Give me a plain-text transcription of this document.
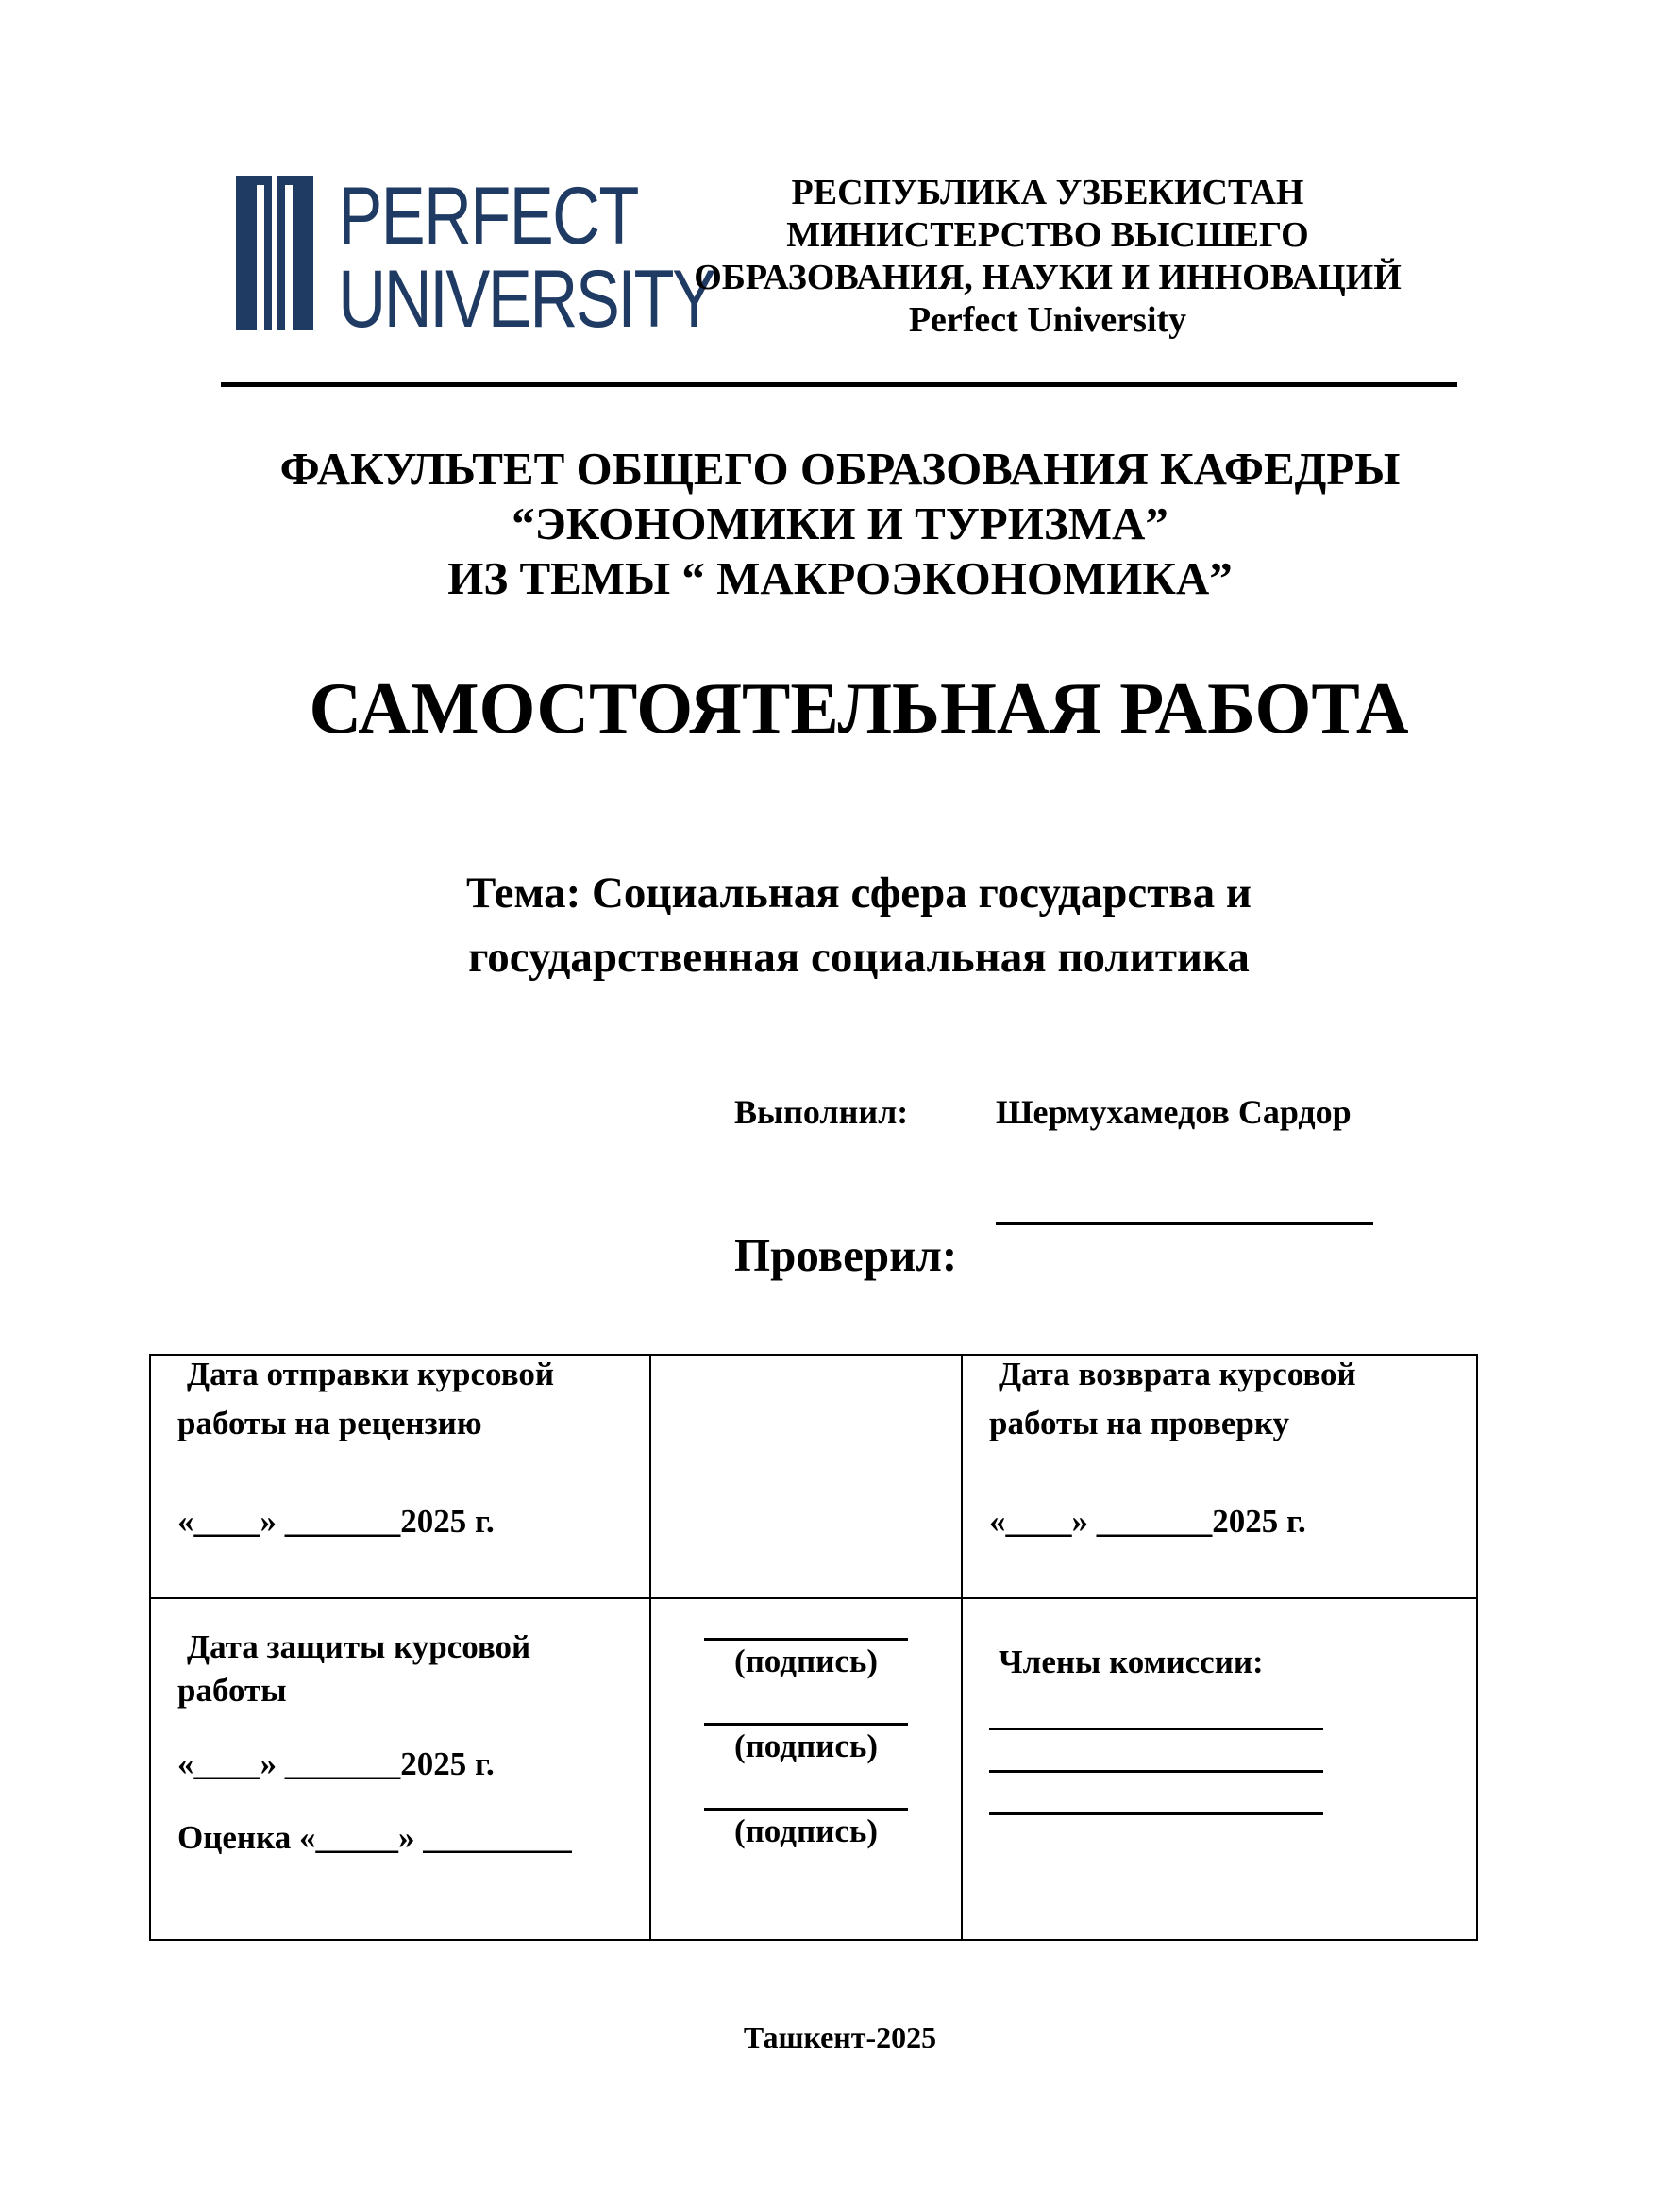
PERFECT
UNIVERSITY
РЕСПУБЛИКА УЗБЕКИСТАН
МИНИСТЕРСТВО ВЫСШЕГО
ОБРАЗОВАНИЯ, НАУКИ И ИННОВАЦИЙ
Perfect University
ФАКУЛЬТЕТ ОБЩЕГО ОБРАЗОВАНИЯ КАФЕДРЫ
“ЭКОНОМИКИ И ТУРИЗМА”
ИЗ ТЕМЫ “ МАКРОЭКОНОМИКА”
САМОСТОЯТЕЛЬНАЯ РАБОТА
Тема: Социальная сфера государства и
государственная социальная политика
Выполнил:	Шермухамедов Сардор
Проверил:
Дата отправки курсовой
работы на рецензию
«____» _______2025 г.
Дата возврата курсовой
работы на проверку
«____» _______2025 г.
Дата защиты курсовой
работы
«____» _______2025 г.
Оценка «_____» _________
(подпись)
(подпись)
(подпись)
Члены комиссии:
Ташкент-2025
